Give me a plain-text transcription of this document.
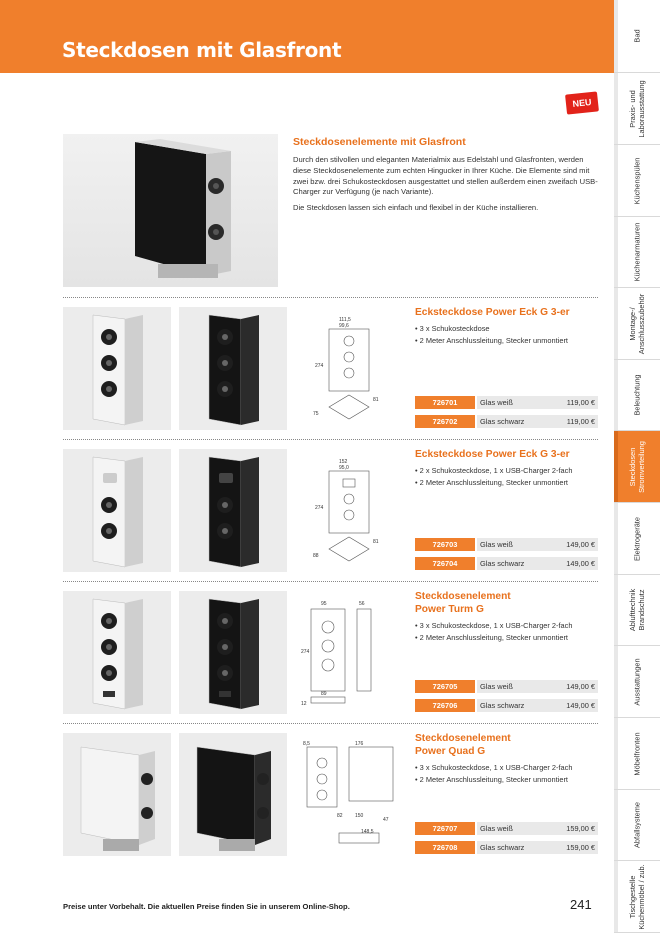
Steckdosen mit Glasfront
Bad
Praxis- und
Laborausstattung
Küchenspülen
Küchenarmaturen
Montage-/
Anschlusszubehör
Beleuchtung
Steckdosen
Stromverteilung
Elektrogeräte
Ablufttechnik
Brandschutz
Ausstattungen
Möbelfronten
Abfallsysteme
Tischgestelle
Küchenmöbel / zub.
NEU
Steckdosenelemente mit Glasfront

Durch den stilvollen und eleganten Materialmix aus Edelstahl und Glasfronten, werden diese Steckdosenelemente zum echten Hingucker in Ihrer Küche. Die Elemente sind mit zwei bzw. drei Schukosteckdosen ausgestattet und stellen außerdem einen zweifach USB-Charger zur Verfügung (je nach Variante).

Die Steckdosen lassen sich einfach und flexibel in der Küche installieren.

111,5
99,6
274
81
75
Ecksteckdose Power Eck G 3-er
• 3 x Schukosteckdose
• 2 Meter Anschlussleitung, Stecker unmontiert
726701	Glas weiß	119,00 €
726702	Glas schwarz	119,00 €
152
95,0
274
81
88
Ecksteckdose Power Eck G 3-er
• 2 x Schukosteckdose, 1 x USB-Charger 2-fach
• 2 Meter Anschlussleitung, Stecker unmontiert
726703	Glas weiß	149,00 €
726704	Glas schwarz	149,00 €
95	56
274
89
12
Steckdosenelement
Power Turm G
• 3 x Schukosteckdose, 1 x USB-Charger 2-fach
• 2 Meter Anschlussleitung, Stecker unmontiert
726705	Glas weiß	149,00 €
726706	Glas schwarz	149,00 €
176
8,5
150
47
148,5
82
Steckdosenelement
Power Quad G
• 3 x Schukosteckdose, 1 x USB-Charger 2-fach
• 2 Meter Anschlussleitung, Stecker unmontiert
726707	Glas weiß	159,00 €
726708	Glas schwarz	159,00 €
Preise unter Vorbehalt. Die aktuellen Preise finden Sie in unserem Online-Shop.	241
